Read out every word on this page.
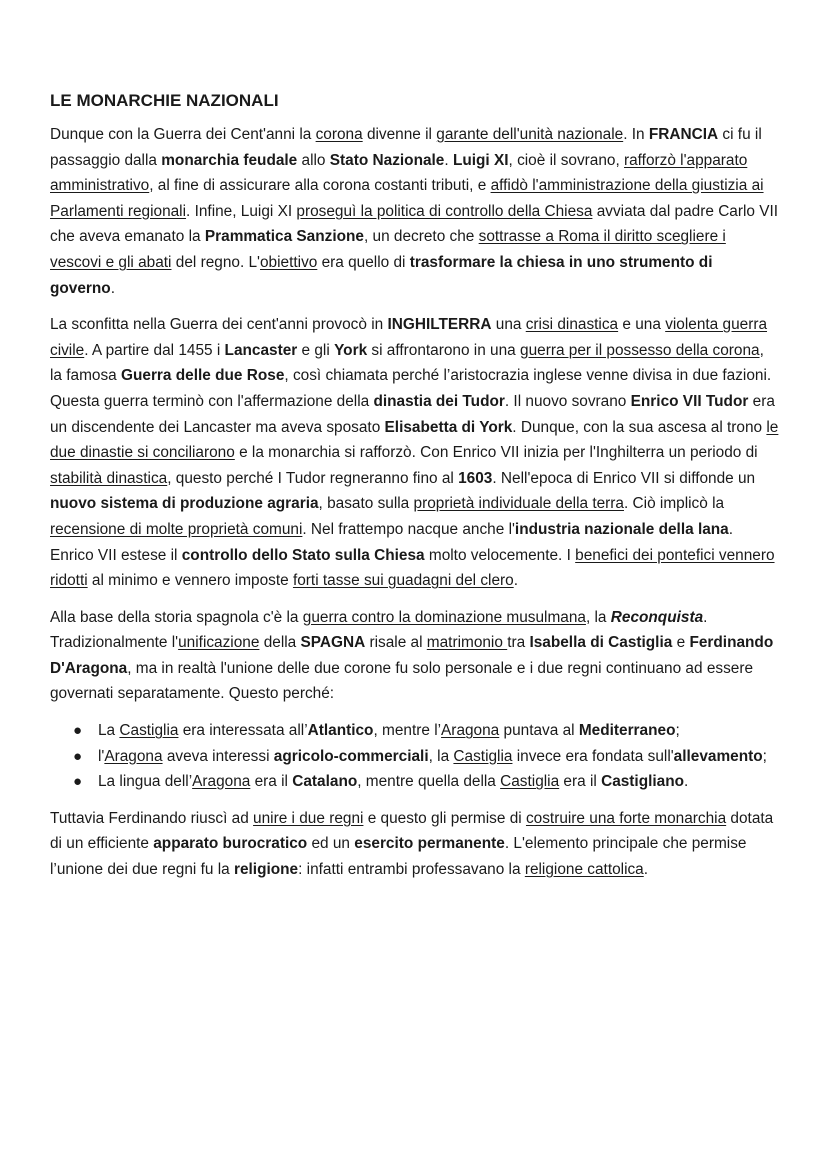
LE MONARCHIE NAZIONALI

Dunque con la Guerra dei Cent'anni la corona divenne il garante dell'unità nazionale. In FRANCIA ci fu il passaggio dalla monarchia feudale allo Stato Nazionale. Luigi XI, cioè il sovrano, rafforzò l'apparato amministrativo, al fine di assicurare alla corona costanti tributi, e affidò l'amministrazione della giustizia ai Parlamenti regionali. Infine, Luigi XI proseguì la politica di controllo della Chiesa avviata dal padre Carlo VII che aveva emanato la Prammatica Sanzione, un decreto che sottrasse a Roma il diritto scegliere i vescovi e gli abati del regno. L'obiettivo era quello di trasformare la chiesa in uno strumento di governo.

La sconfitta nella Guerra dei cent'anni provocò in INGHILTERRA una crisi dinastica e una violenta guerra civile. A partire dal 1455 i Lancaster e gli York si affrontarono in una guerra per il possesso della corona, la famosa Guerra delle due Rose, così chiamata perché l’aristocrazia inglese venne divisa in due fazioni. Questa guerra terminò con l'affermazione della dinastia dei Tudor. Il nuovo sovrano Enrico VII Tudor era un discendente dei Lancaster ma aveva sposato Elisabetta di York. Dunque, con la sua ascesa al trono le due dinastie si conciliarono e la monarchia si rafforzò. Con Enrico VII inizia per l'Inghilterra un periodo di stabilità dinastica, questo perché I Tudor regneranno fino al 1603. Nell'epoca di Enrico VII si diffonde un nuovo sistema di produzione agraria, basato sulla proprietà individuale della terra. Ciò implicò la recensione di molte proprietà comuni. Nel frattempo nacque anche l'industria nazionale della lana. Enrico VII estese il controllo dello Stato sulla Chiesa molto velocemente. I benefici dei pontefici vennero ridotti al minimo e vennero imposte forti tasse sui guadagni del clero.

Alla base della storia spagnola c'è la guerra contro la dominazione musulmana, la Reconquista. Tradizionalmente l'unificazione della SPAGNA risale al matrimonio tra Isabella di Castiglia e Ferdinando D'Aragona, ma in realtà l'unione delle due corone fu solo personale e i due regni continuano ad essere governati separatamente. Questo perché:

● La Castiglia era interessata all’Atlantico, mentre l’Aragona puntava al Mediterraneo;
● l'Aragona aveva interessi agricolo-commerciali, la Castiglia invece era fondata sull'allevamento;
● La lingua dell’Aragona era il Catalano, mentre quella della Castiglia era il Castigliano.

Tuttavia Ferdinando riuscì ad unire i due regni e questo gli permise di costruire una forte monarchia dotata di un efficiente apparato burocratico ed un esercito permanente. L'elemento principale che permise l’unione dei due regni fu la religione: infatti entrambi professavano la religione cattolica.
